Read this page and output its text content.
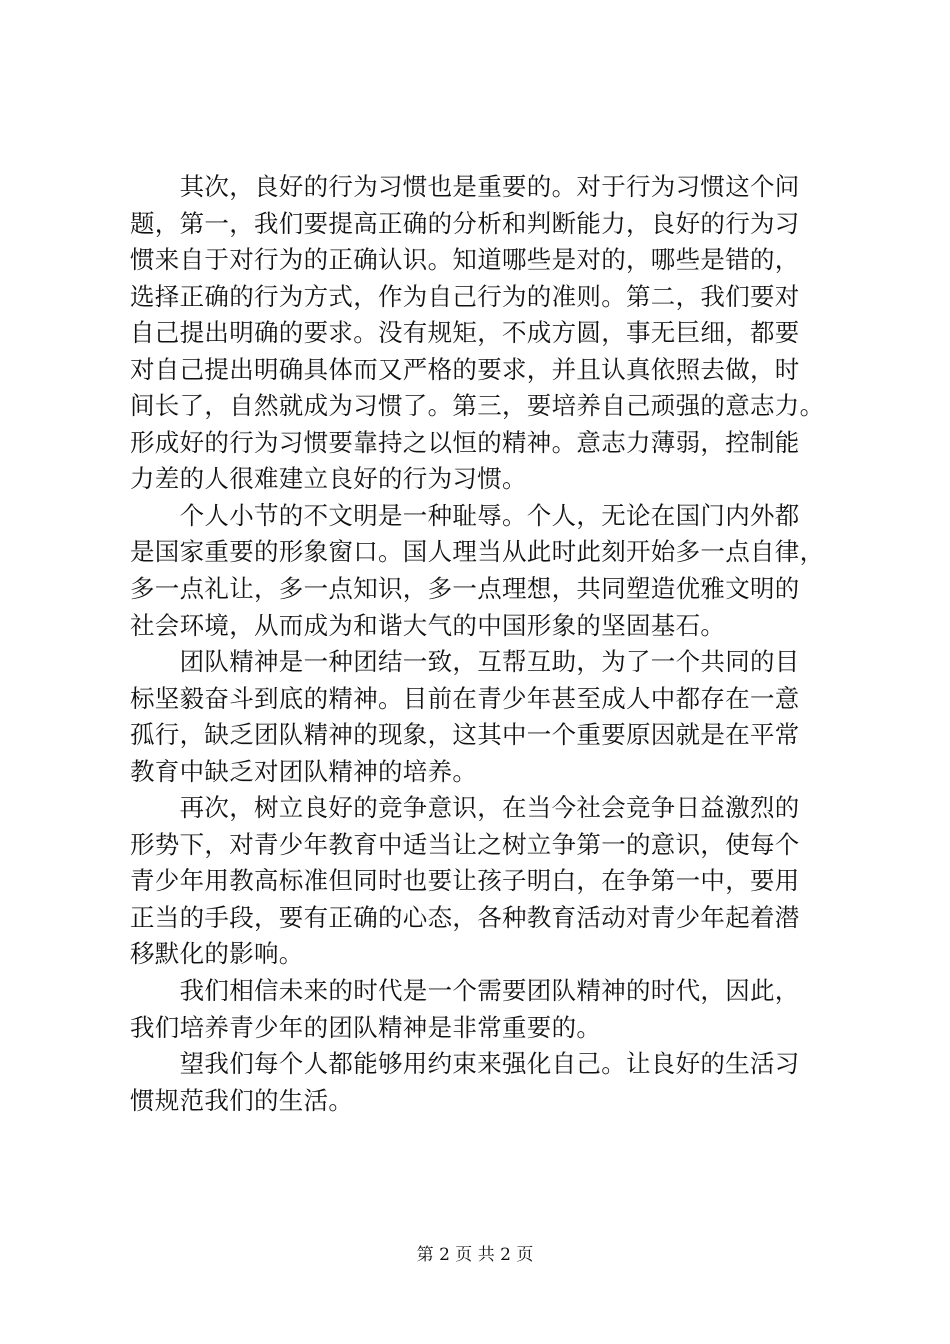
　　其次，良好的行为习惯也是重要的。对于行为习惯这个问
题，第一，我们要提高正确的分析和判断能力，良好的行为习
惯来自于对行为的正确认识。知道哪些是对的，哪些是错的，
选择正确的行为方式，作为自己行为的准则。第二，我们要对
自己提出明确的要求。没有规矩，不成方圆，事无巨细，都要
对自己提出明确具体而又严格的要求，并且认真依照去做，时
间长了，自然就成为习惯了。第三，要培养自己顽强的意志力。
形成好的行为习惯要靠持之以恒的精神。意志力薄弱，控制能
力差的人很难建立良好的行为习惯。
　　个人小节的不文明是一种耻辱。个人，无论在国门内外都
是国家重要的形象窗口。国人理当从此时此刻开始多一点自律，
多一点礼让，多一点知识，多一点理想，共同塑造优雅文明的
社会环境，从而成为和谐大气的中国形象的坚固基石。
　　团队精神是一种团结一致，互帮互助，为了一个共同的目
标坚毅奋斗到底的精神。目前在青少年甚至成人中都存在一意
孤行，缺乏团队精神的现象，这其中一个重要原因就是在平常
教育中缺乏对团队精神的培养。
　　再次，树立良好的竞争意识，在当今社会竞争日益激烈的
形势下，对青少年教育中适当让之树立争第一的意识，使每个
青少年用教高标准但同时也要让孩子明白，在争第一中，要用
正当的手段，要有正确的心态，各种教育活动对青少年起着潜
移默化的影响。
　　我们相信未来的时代是一个需要团队精神的时代，因此，
我们培养青少年的团队精神是非常重要的。
　　望我们每个人都能够用约束来强化自己。让良好的生活习
惯规范我们的生活。
第 2 页 共 2 页
